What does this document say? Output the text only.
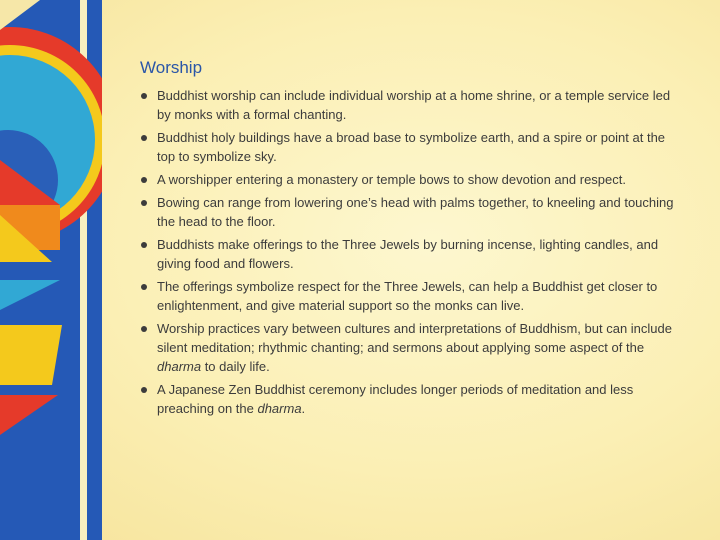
Worship
Buddhist worship can include individual worship at a home shrine, or a temple service led by monks with a formal chanting.
Buddhist holy buildings have a broad base to symbolize earth, and a spire or point at the top to symbolize sky.
A worshipper entering a monastery or temple bows to show devotion and respect.
Bowing can range from lowering one’s head with palms together, to kneeling and touching the head to the floor.
Buddhists make offerings to the Three Jewels by burning incense, lighting candles, and giving food and flowers.
The offerings symbolize respect for the Three Jewels, can help a Buddhist get closer to enlightenment, and give material support so the monks can live.
Worship practices vary between cultures and interpretations of Buddhism, but can include silent meditation; rhythmic chanting; and sermons about applying some aspect of the dharma to daily life.
A Japanese Zen Buddhist ceremony includes longer periods of meditation and less preaching on the dharma.
